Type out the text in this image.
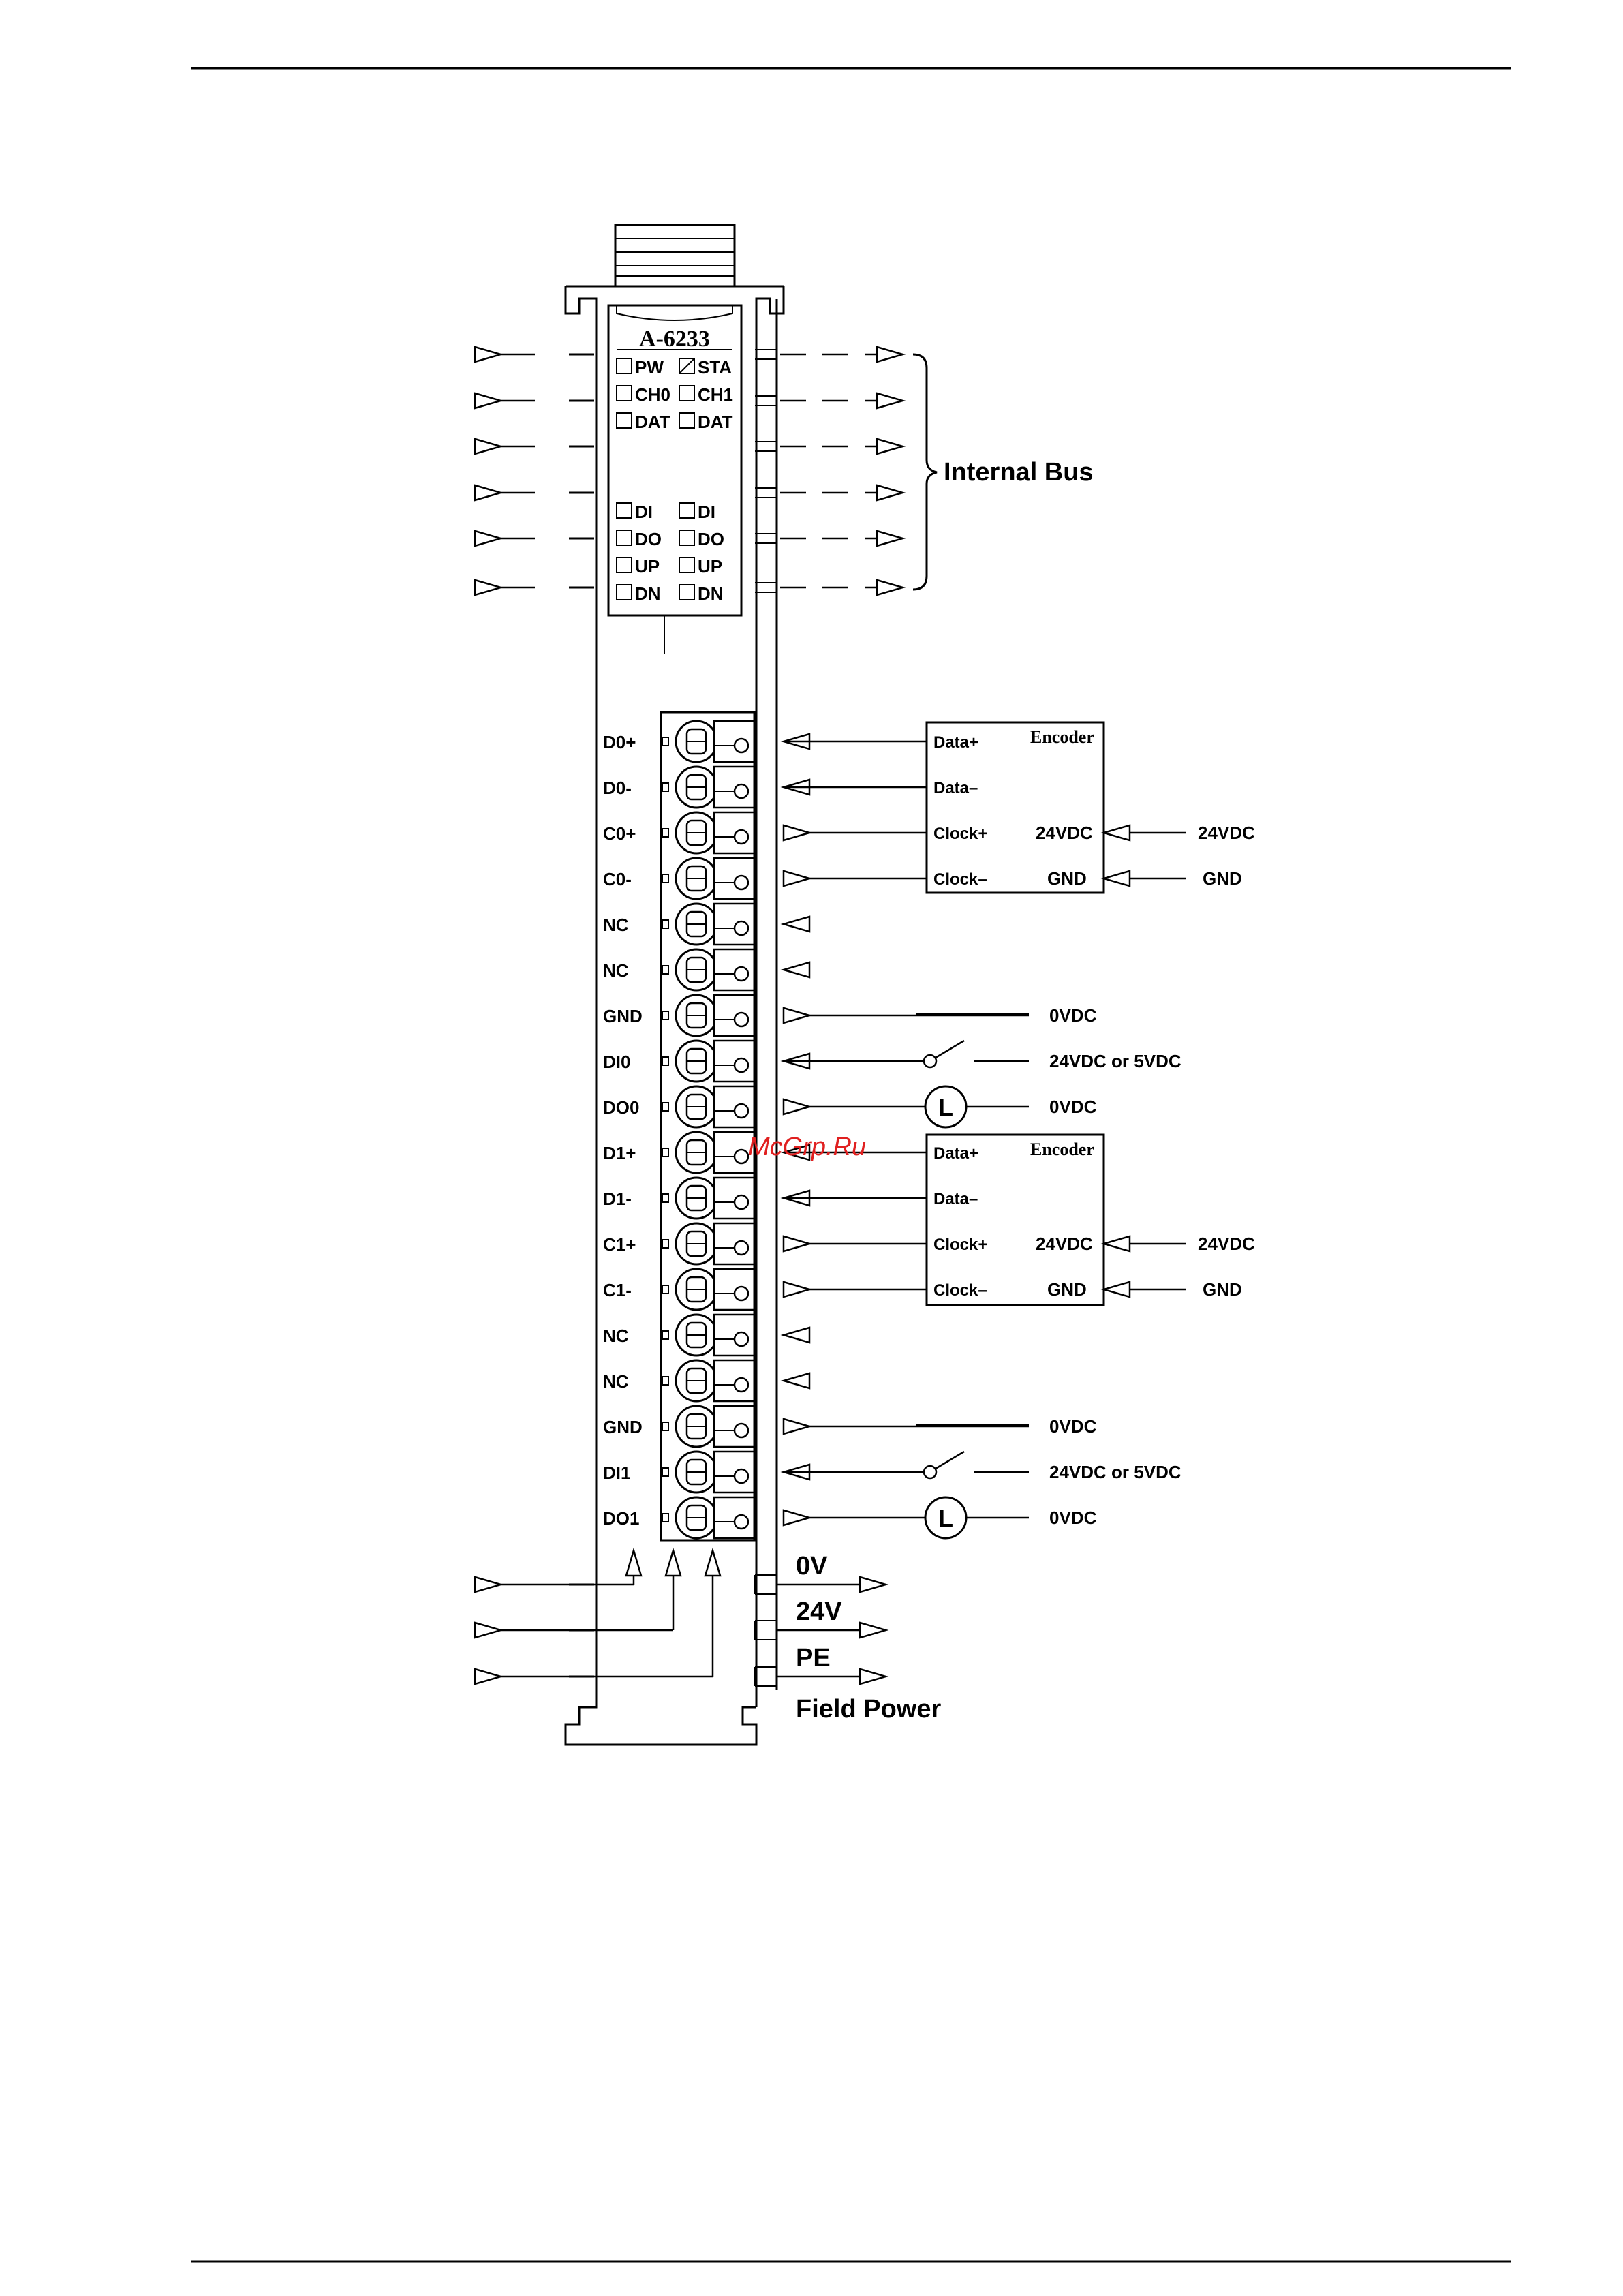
A-6233
PW STA
CH0 CH1
DAT DAT
DI	DI
DO DO
UP UP
DN DN
D0+
D0-
C0+
C0-
NC
NC
GND
DI0
DO0
D1+
D1-
C1+
C1-
NC
NC
GND
DI1
DO1
Internal Bus
Encoder
Data+
Data–
Clock+
Clock–
24VDC
GND
24VDC
GND
0VDC
24VDC or 5VDC
L	0VDC
Encoder
Data+
Data–
Clock+
Clock–
24VDC
GND
24VDC
GND
0VDC
24VDC or 5VDC
L	0VDC
0V
24V
PE
Field Power
McGrp.Ru
